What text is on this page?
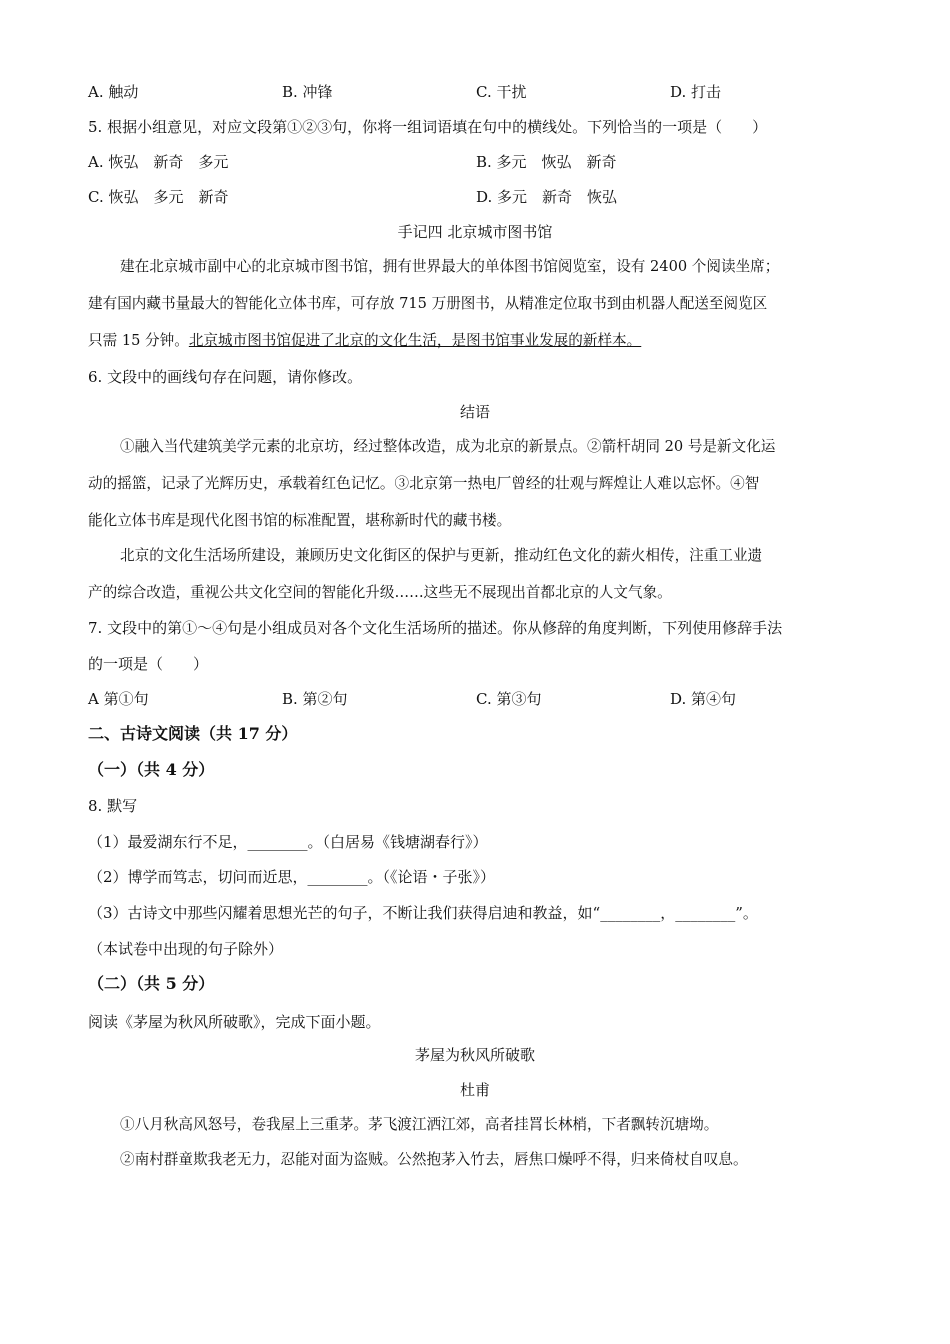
A. 触动	B. 冲锋	C. 干扰	D. 打击
5. 根据小组意见，对应文段第①②③句，你将一组词语填在句中的横线处。下列恰当的一项是（　　）
A. 恢弘　新奇　多元	B. 多元　恢弘　新奇
C. 恢弘　多元　新奇	D. 多元　新奇　恢弘
手记四 北京城市图书馆
建在北京城市副中心的北京城市图书馆，拥有世界最大的单体图书馆阅览室，设有 2400 个阅读坐席；
建有国内藏书量最大的智能化立体书库，可存放 715 万册图书，从精准定位取书到由机器人配送至阅览区
只需 15 分钟。北京城市图书馆促进了北京的文化生活，是图书馆事业发展的新样本。
6. 文段中的画线句存在问题，请你修改。
结语
①融入当代建筑美学元素的北京坊，经过整体改造，成为北京的新景点。②箭杆胡同 20 号是新文化运
动的摇篮，记录了光辉历史，承载着红色记忆。③北京第一热电厂曾经的壮观与辉煌让人难以忘怀。④智
能化立体书库是现代化图书馆的标准配置，堪称新时代的藏书楼。
北京的文化生活场所建设，兼顾历史文化街区的保护与更新，推动红色文化的薪火相传，注重工业遗
产的综合改造，重视公共文化空间的智能化升级……这些无不展现出首都北京的人文气象。
7. 文段中的第①～④句是小组成员对各个文化生活场所的描述。你从修辞的角度判断，下列使用修辞手法
的一项是（　　）
A 第①句	B. 第②句	C. 第③句	D. 第④句
二、古诗文阅读（共 17 分）
（一）（共 4 分）
8. 默写
（1）最爱湖东行不足，________。（白居易《钱塘湖春行》）
（2）博学而笃志，切问而近思，________。（《论语・子张》）
（3）古诗文中那些闪耀着思想光芒的句子，不断让我们获得启迪和教益，如“________，________”。
（本试卷中出现的句子除外）
（二）（共 5 分）
阅读《茅屋为秋风所破歌》，完成下面小题。
茅屋为秋风所破歌
杜甫
①八月秋高风怒号，卷我屋上三重茅。茅飞渡江洒江郊，高者挂罥长林梢，下者飘转沉塘坳。
②南村群童欺我老无力，忍能对面为盗贼。公然抱茅入竹去，唇焦口燥呼不得，归来倚杖自叹息。
